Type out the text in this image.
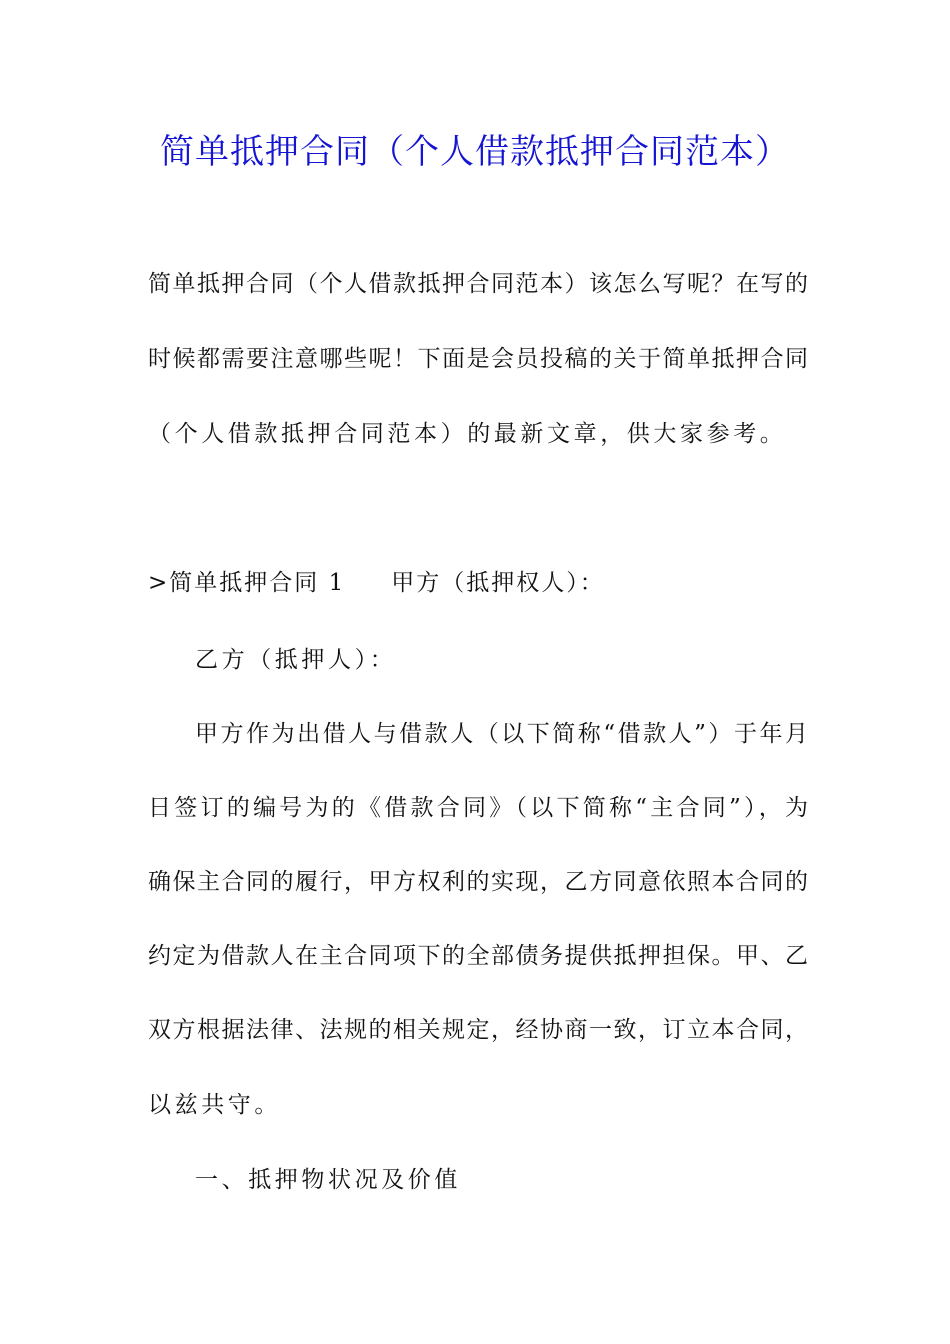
简单抵押合同（个人借款抵押合同范本）
简单抵押合同（个人借款抵押合同范本）该怎么写呢？在写的
时候都需要注意哪些呢！下面是会员投稿的关于简单抵押合同
（个人借款抵押合同范本）的最新文章，供大家参考。
>简单抵押合同 1 甲方（抵押权人）：
乙方（抵押人）：
甲方作为出借人与借款人（以下简称“借款人”）于年月
日签订的编号为的《借款合同》（以下简称“主合同”），为
确保主合同的履行，甲方权利的实现，乙方同意依照本合同的
约定为借款人在主合同项下的全部债务提供抵押担保。甲、乙
双方根据法律、法规的相关规定，经协商一致，订立本合同，
以兹共守。
一、抵押物状况及价值
